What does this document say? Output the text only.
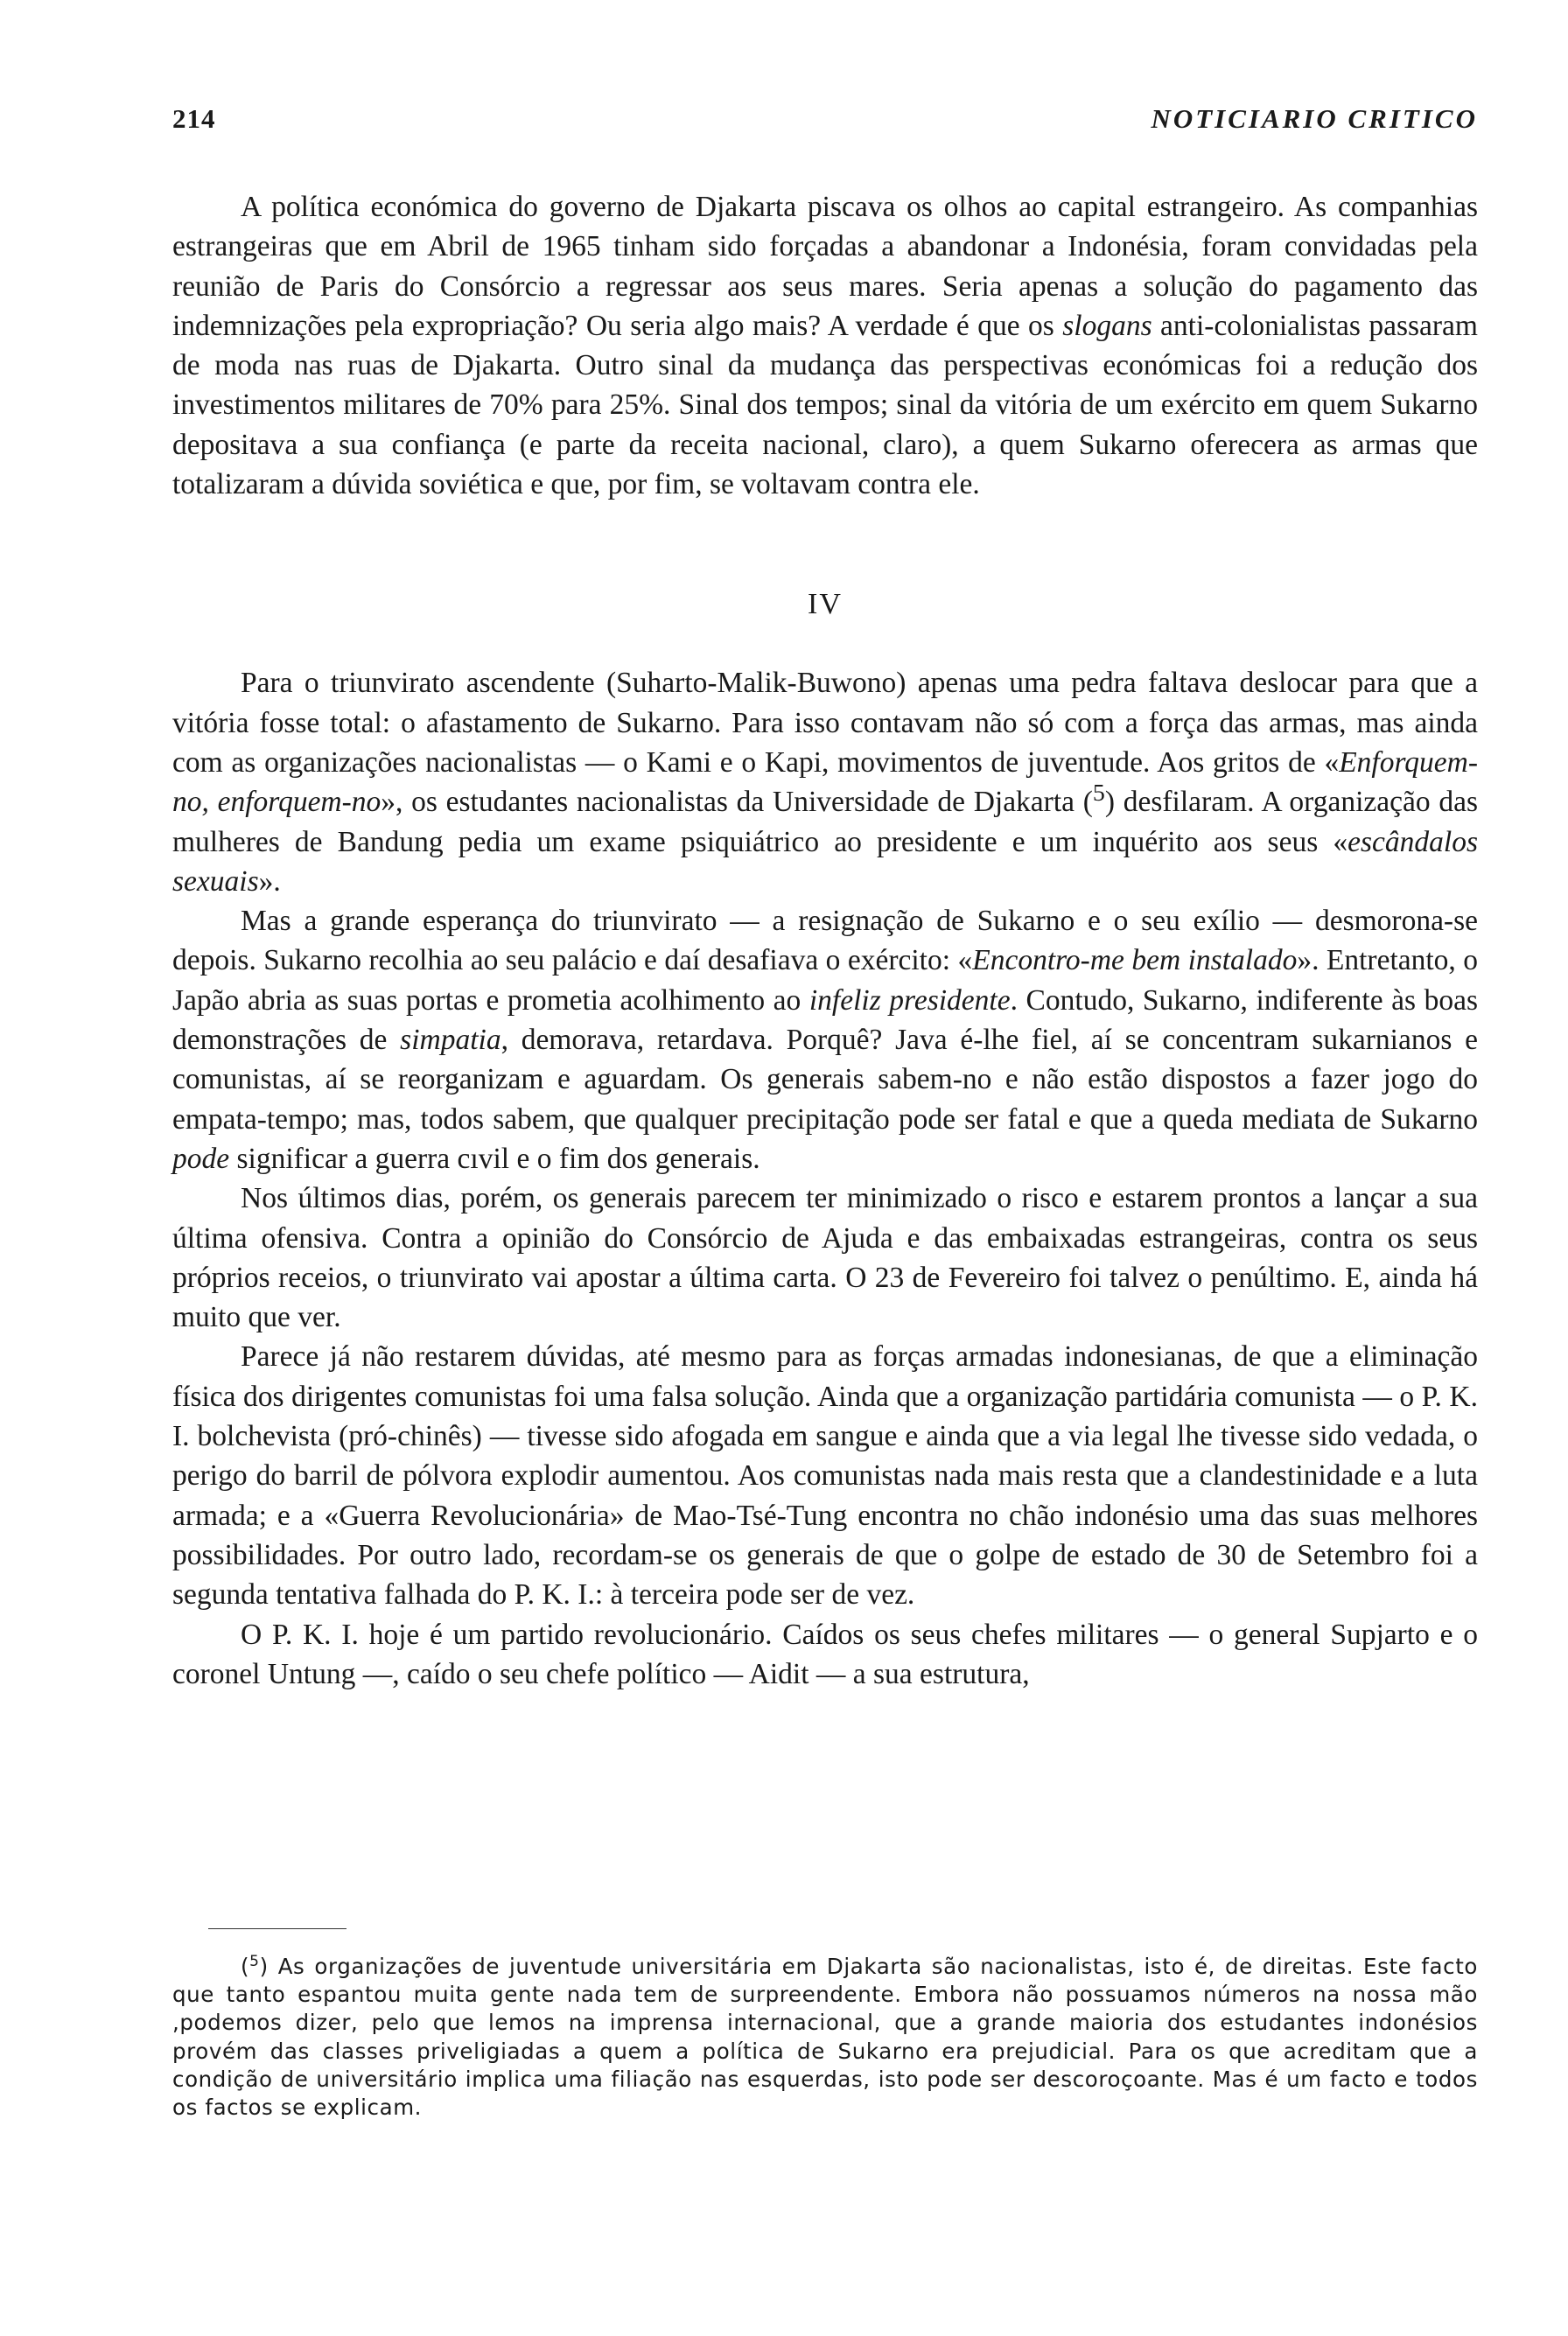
214	NOTICIARIO CRITICO

A política económica do governo de Djakarta piscava os olhos ao capital estrangeiro. As companhias estrangeiras que em Abril de 1965 tinham sido forçadas a abandonar a Indonésia, foram convidadas pela reunião de Paris do Consórcio a regressar aos seus mares. Seria apenas a solução do pagamento das indemnizações pela expropriação? Ou seria algo mais? A verdade é que os slogans anti-colonialistas passaram de moda nas ruas de Djakarta. Outro sinal da mudança das perspectivas económicas foi a redução dos investimentos militares de 70% para 25%. Sinal dos tempos; sinal da vitória de um exército em quem Sukarno depositava a sua confiança (e parte da receita nacional, claro), a quem Sukarno oferecera as armas que totalizaram a dúvida soviética e que, por fim, se voltavam contra ele.

IV

Para o triunvirato ascendente (Suharto-Malik-Buwono) apenas uma pedra faltava deslocar para que a vitória fosse total: o afastamento de Sukarno. Para isso contavam não só com a força das armas, mas ainda com as organizações nacionalistas — o Kami e o Kapi, movimentos de juventude. Aos gritos de «Enforquem-no, enforquem-no», os estudantes nacionalistas da Universidade de Djakarta ($^5$) desfilaram. A organização das mulheres de Bandung pedia um exame psiquiátrico ao presidente e um inquérito aos seus «escândalos sexuais».

Mas a grande esperança do triunvirato — a resignação de Sukarno e o seu exílio — desmorona-se depois. Sukarno recolhia ao seu palácio e daí desafiava o exército: «Encontro-me bem instalado». Entretanto, o Japão abria as suas portas e prometia acolhimento ao infeliz presidente. Contudo, Sukarno, indiferente às boas demonstrações de simpatia, demorava, retardava. Porquê? Java é-lhe fiel, aí se concentram sukarnianos e comunistas, aí se reorganizam e aguardam. Os generais sabem-no e não estão dispostos a fazer jogo do empata-tempo; mas, todos sabem, que qualquer precipitação pode ser fatal e que a queda mediata de Sukarno pode significar a guerra cıvil e o fim dos generais.

Nos últimos dias, porém, os generais parecem ter minimizado o risco e estarem prontos a lançar a sua última ofensiva. Contra a opinião do Consórcio de Ajuda e das embaixadas estrangeiras, contra os seus próprios receios, o triunvirato vai apostar a última carta. O 23 de Fevereiro foi talvez o penúltimo. E, ainda há muito que ver.

Parece já não restarem dúvidas, até mesmo para as forças armadas indonesianas, de que a eliminação física dos dirigentes comunistas foi uma falsa solução. Ainda que a organização partidária comunista — o P. K. I. bolchevista (pró-chinês) — tivesse sido afogada em sangue e ainda que a via legal lhe tivesse sido vedada, o perigo do barril de pólvora explodir aumentou. Aos comunistas nada mais resta que a clandestinidade e a luta armada; e a «Guerra Revolucionária» de Mao-Tsé-Tung encontra no chão indonésio uma das suas melhores possibilidades. Por outro lado, recordam-se os generais de que o golpe de estado de 30 de Setembro foi a segunda tentativa falhada do P. K. I.: à terceira pode ser de vez.

O P. K. I. hoje é um partido revolucionário. Caídos os seus chefes militares — o general Supjarto e o coronel Untung —, caído o seu chefe político — Aidit — a sua estrutura,

($^5$) As organizações de juventude universitária em Djakarta são nacionalistas, isto é, de direitas. Este facto que tanto espantou muita gente nada tem de surpreendente. Embora não possuamos números na nossa mão ,podemos dizer, pelo que lemos na imprensa internacional, que a grande maioria dos estudantes indonésios provém das classes priveligiadas a quem a política de Sukarno era prejudicial. Para os que acreditam que a condição de universitário implica uma filiação nas esquerdas, isto pode ser descoroçoante. Mas é um facto e todos os factos se explicam.
